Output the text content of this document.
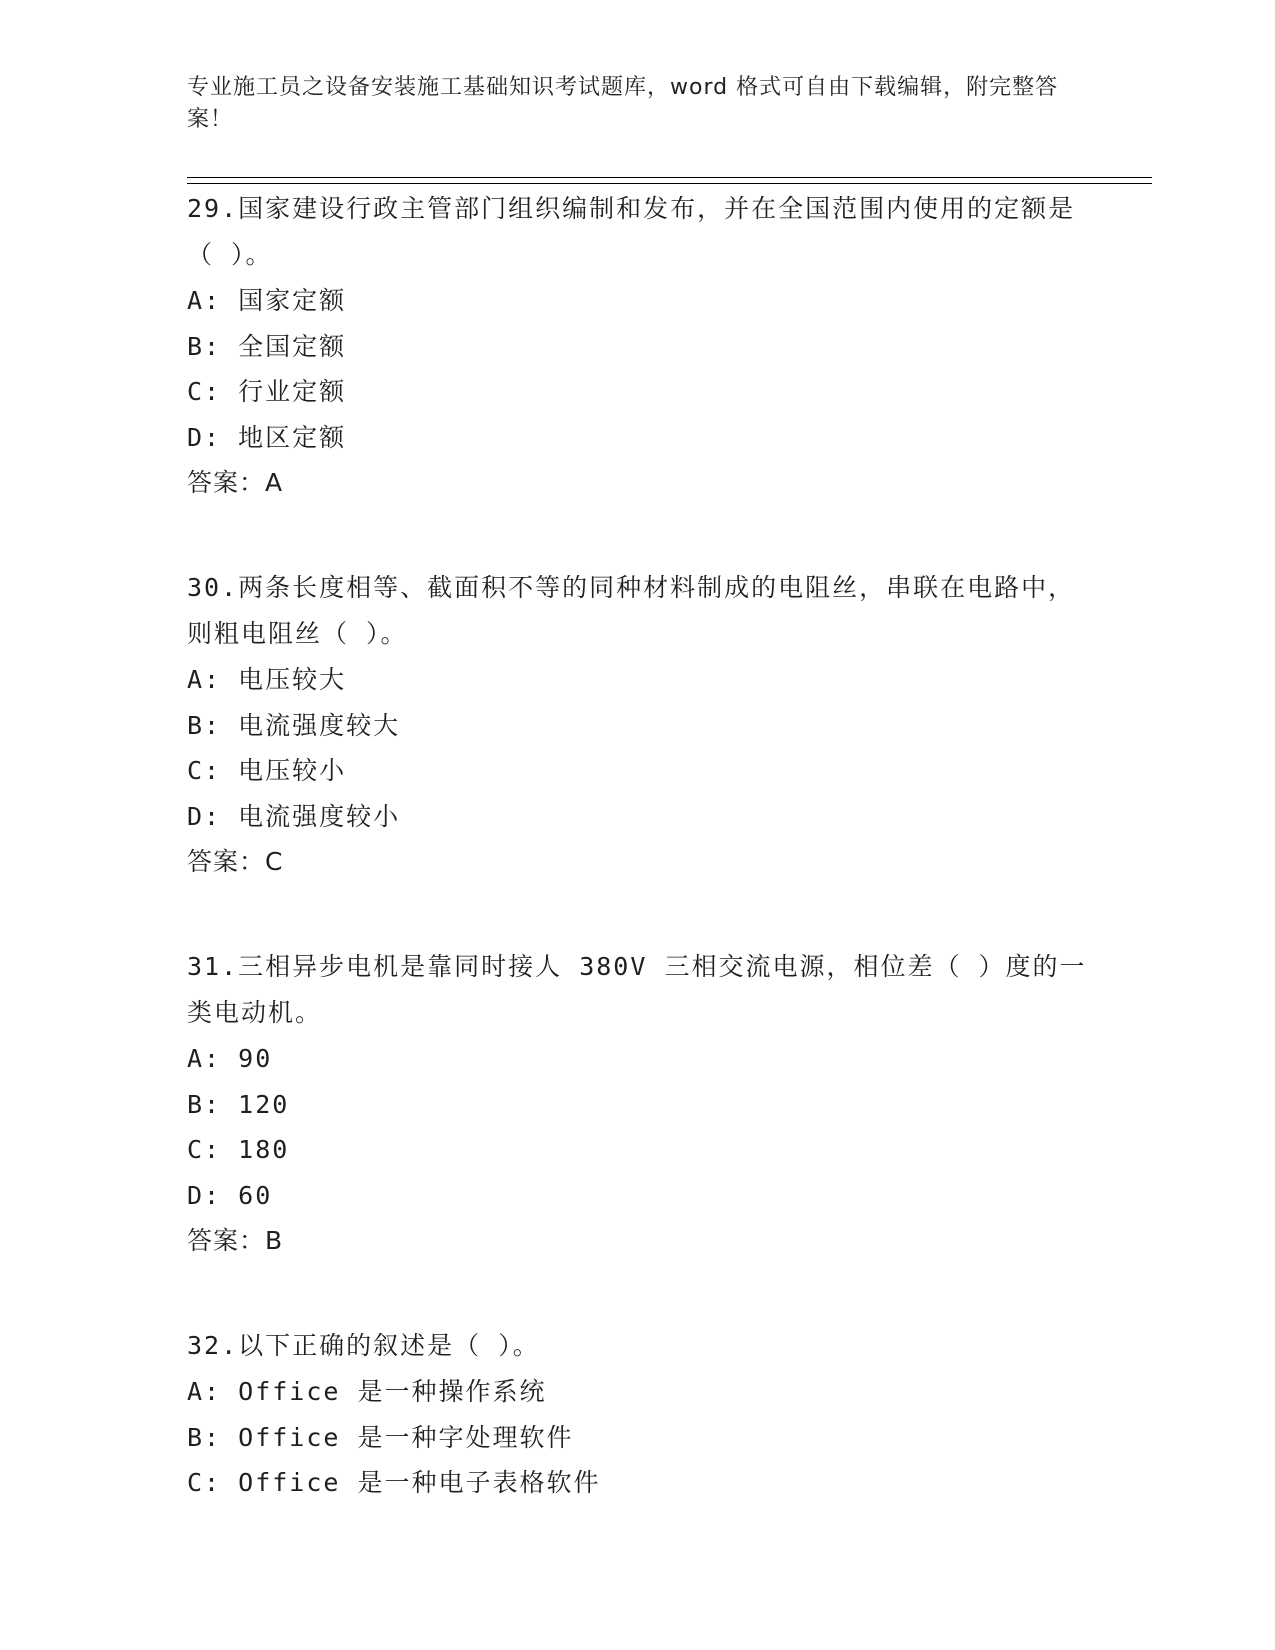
专业施工员之设备安装施工基础知识考试题库，word 格式可自由下载编辑，附完整答案！
29.国家建设行政主管部门组织编制和发布，并在全国范围内使用的定额是（ ）。
A: 国家定额
B: 全国定额
C: 行业定额
D: 地区定额
答案：A
30.两条长度相等、截面积不等的同种材料制成的电阻丝，串联在电路中，则粗电阻丝（ ）。
A: 电压较大
B: 电流强度较大
C: 电压较小
D: 电流强度较小
答案：C
31.三相异步电机是靠同时接人 380V 三相交流电源，相位差（ ）度的一类电动机。
A: 90
B: 120
C: 180
D: 60
答案：B
32.以下正确的叙述是（ ）。
A: Office 是一种操作系统
B: Office 是一种字处理软件
C: Office 是一种电子表格软件
